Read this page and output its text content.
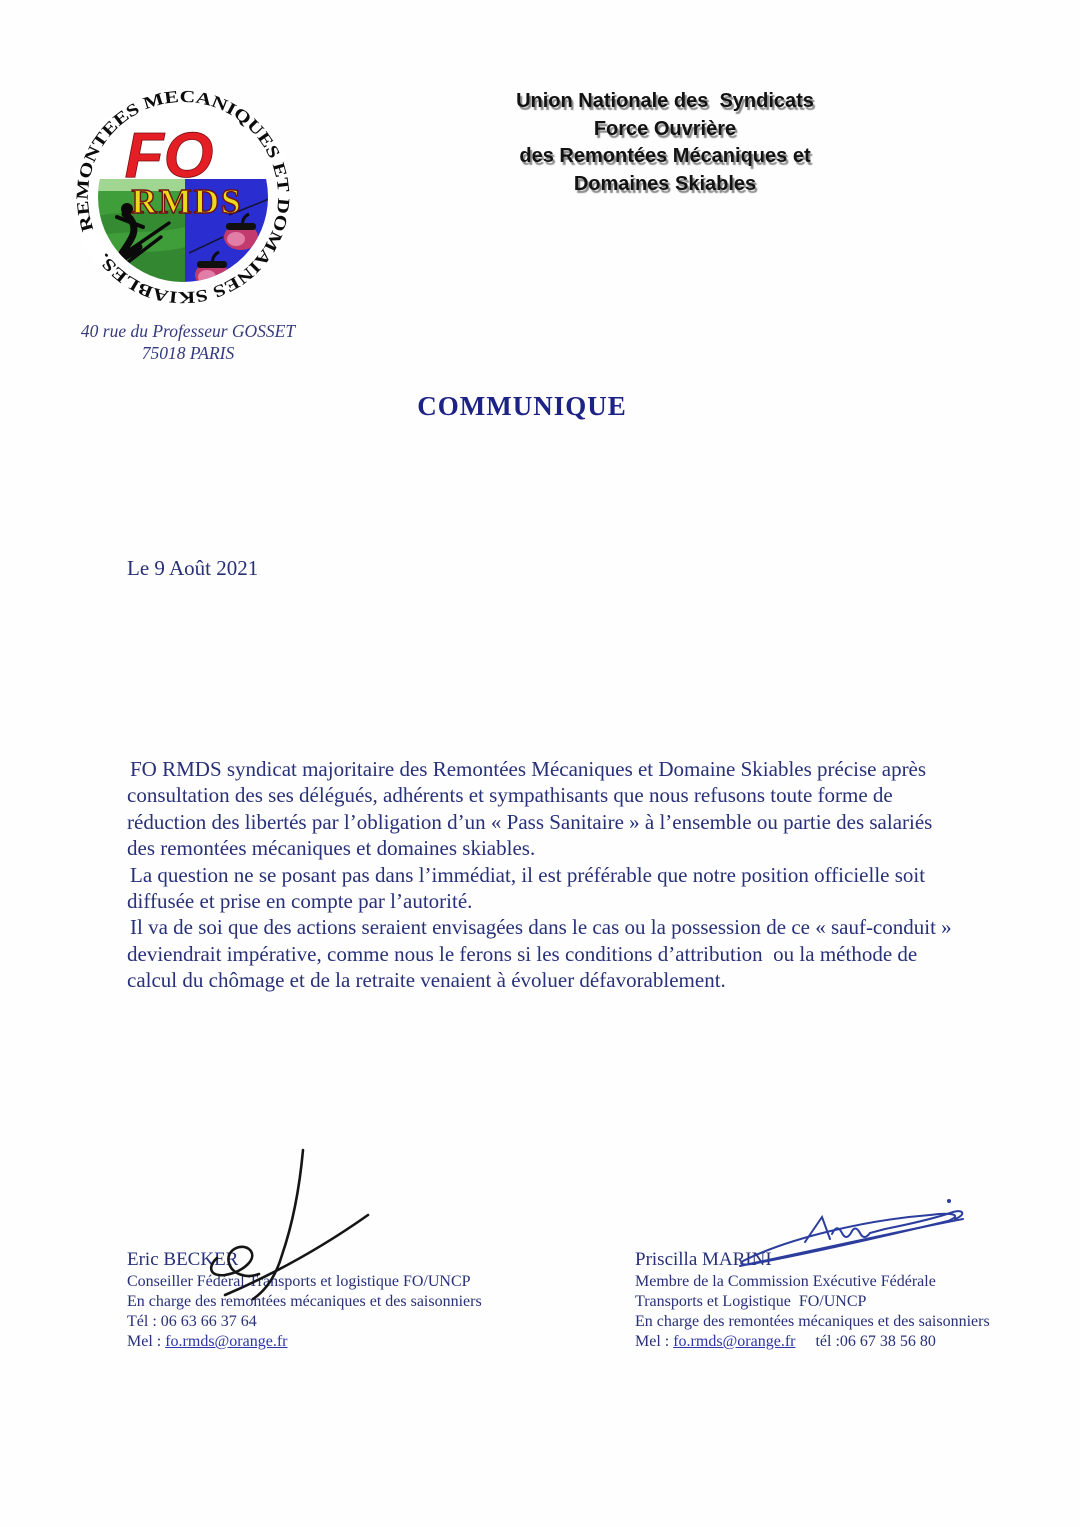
REMONTEES MECANIQUES ET DOMAINES SKIABLES.
FO
RMDS
40 rue du Professeur GOSSET
75018 PARIS
Union Nationale des  Syndicats
Force Ouvrière
des Remontées Mécaniques et
Domaines Skiables
COMMUNIQUE
Le 9 Août 2021

FO RMDS syndicat majoritaire des Remontées Mécaniques et Domaine Skiables précise après consultation des ses délégués, adhérents et sympathisants que nous refusons toute forme de réduction des libertés par l’obligation d’un « Pass Sanitaire » à l’ensemble ou partie des salariés des remontées mécaniques et domaines skiables.

La question ne se posant pas dans l’immédiat, il est préférable que notre position officielle soit diffusée et prise en compte par l’autorité.

Il va de soi que des actions seraient envisagées dans le cas ou la possession de ce « sauf-conduit » deviendrait impérative, comme nous le ferons si les conditions d’attribution  ou la méthode de calcul du chômage et de la retraite venaient à évoluer défavorablement.

Eric BECKER
Conseiller Fédéral Transports et logistique FO/UNCP
En charge des remontées mécaniques et des saisonniers
Tél : 06 63 66 37 64
Mel : fo.rmds@orange.fr
Priscilla MARINI
Membre de la Commission Exécutive Fédérale
Transports et Logistique  FO/UNCP
En charge des remontées mécaniques et des saisonniers
Mel : fo.rmds@orange.fr tél :06 67 38 56 80
